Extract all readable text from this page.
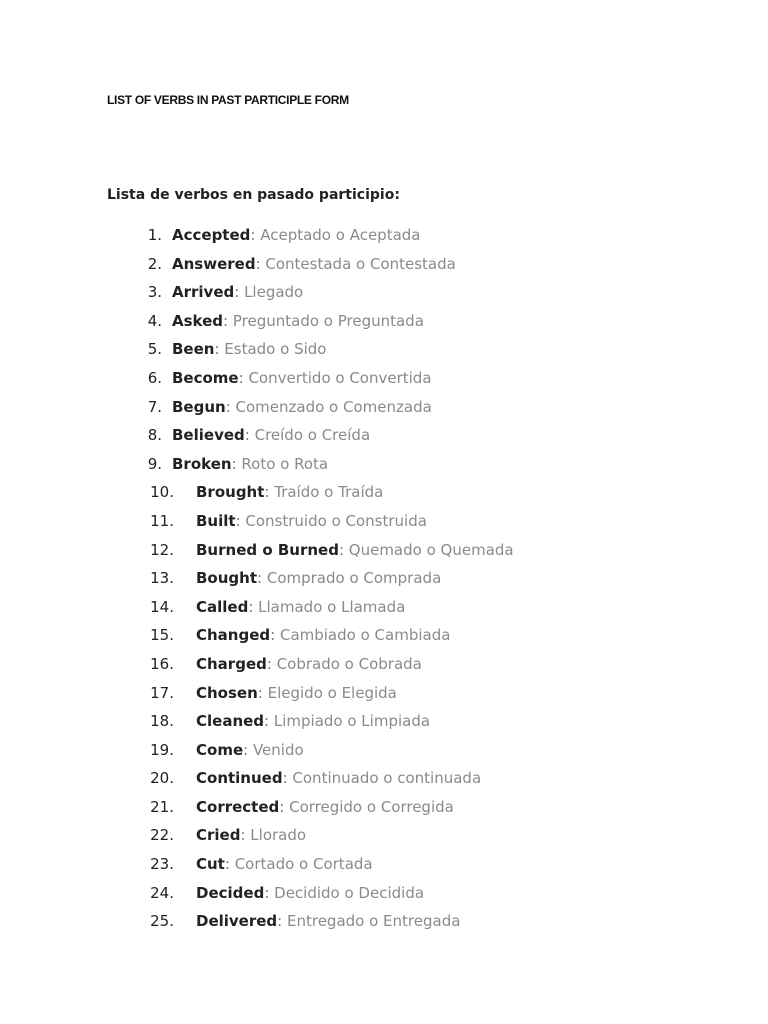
LIST OF VERBS IN PAST PARTICIPLE FORM
Lista de verbos en pasado participio:
1. Accepted: Aceptado o Aceptada
2. Answered: Contestada o Contestada
3. Arrived: Llegado
4. Asked: Preguntado o Preguntada
5. Been: Estado o Sido
6. Become: Convertido o Convertida
7. Begun: Comenzado o Comenzada
8. Believed: Creído o Creída
9. Broken: Roto o Rota
10. Brought: Traído o Traída
11. Built: Construido o Construida
12. Burned o Burned: Quemado o Quemada
13. Bought: Comprado o Comprada
14. Called: Llamado o Llamada
15. Changed: Cambiado o Cambiada
16. Charged: Cobrado o Cobrada
17. Chosen: Elegido o Elegida
18. Cleaned: Limpiado o Limpiada
19. Come: Venido
20. Continued: Continuado o continuada
21. Corrected: Corregido o Corregida
22. Cried: Llorado
23. Cut: Cortado o Cortada
24. Decided: Decidido o Decidida
25. Delivered: Entregado o Entregada
